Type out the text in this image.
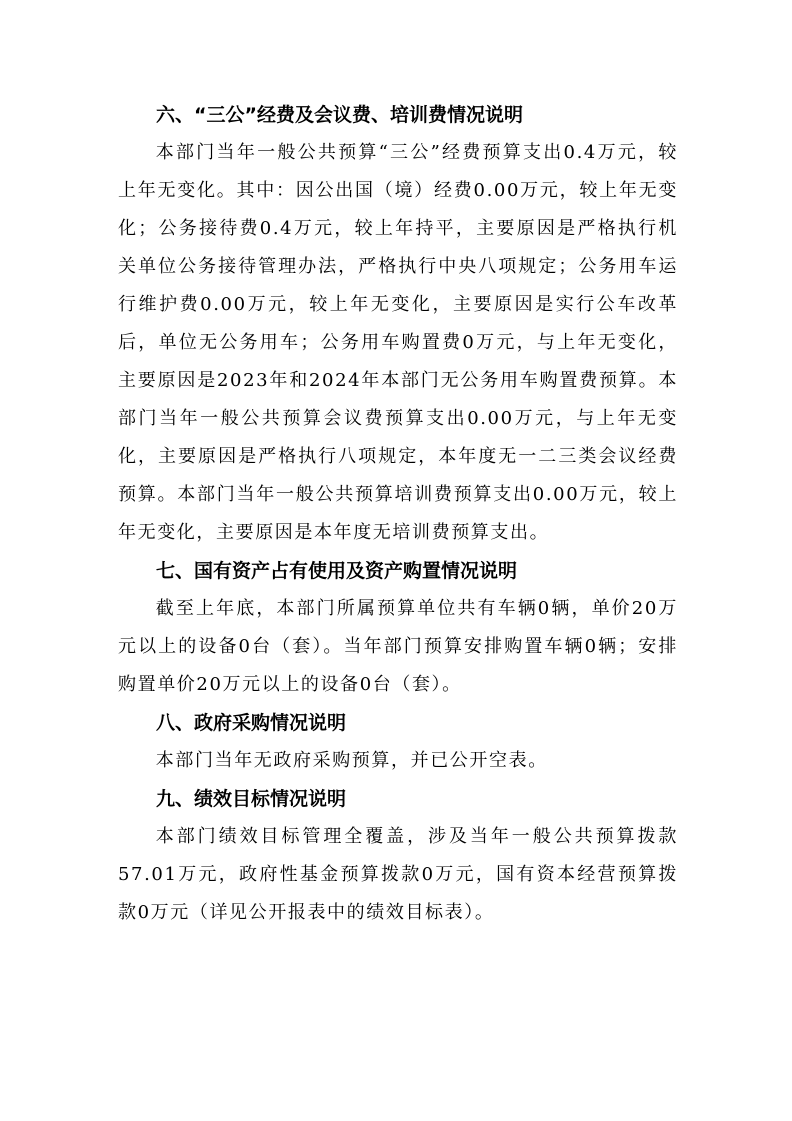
六、“三公”经费及会议费、培训费情况说明

本部门当年一般公共预算“三公”经费预算支出0.4万元，较上年无变化。其中：因公出国（境）经费0.00万元，较上年无变化；公务接待费0.4万元，较上年持平，主要原因是严格执行机关单位公务接待管理办法，严格执行中央八项规定；公务用车运行维护费0.00万元，较上年无变化，主要原因是实行公车改革后，单位无公务用车；公务用车购置费0万元，与上年无变化，主要原因是2023年和2024年本部门无公务用车购置费预算。本部门当年一般公共预算会议费预算支出0.00万元，与上年无变化，主要原因是严格执行八项规定，本年度无一二三类会议经费预算。本部门当年一般公共预算培训费预算支出0.00万元，较上年无变化，主要原因是本年度无培训费预算支出。

七、国有资产占有使用及资产购置情况说明

截至上年底，本部门所属预算单位共有车辆0辆，单价20万元以上的设备0台（套）。当年部门预算安排购置车辆0辆；安排购置单价20万元以上的设备0台（套）。

八、政府采购情况说明

本部门当年无政府采购预算，并已公开空表。

九、绩效目标情况说明

本部门绩效目标管理全覆盖，涉及当年一般公共预算拨款57.01万元，政府性基金预算拨款0万元，国有资本经营预算拨款0万元（详见公开报表中的绩效目标表）。
